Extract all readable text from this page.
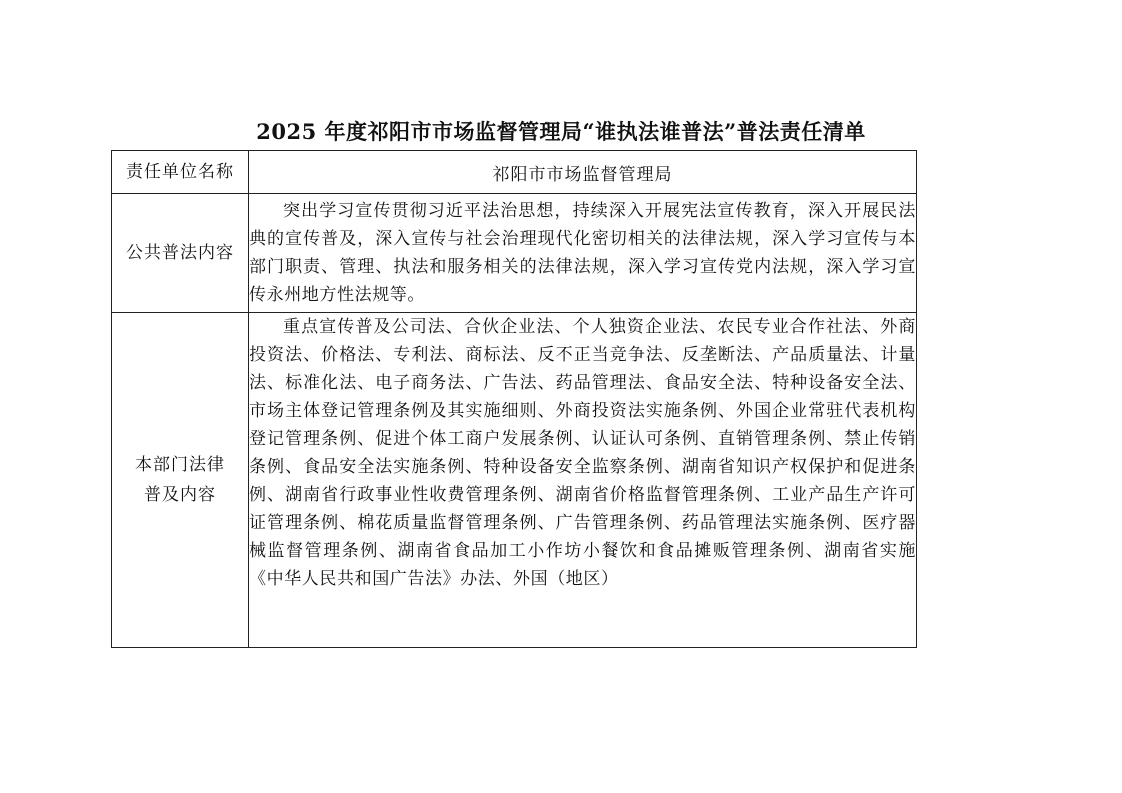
2025 年度祁阳市市场监督管理局“谁执法谁普法”普法责任清单
责任单位名称	祁阳市市场监督管理局
公共普法内容	突出学习宣传贯彻习近平法治思想，持续深入开展宪法宣传教育，深入开展民法典的宣传普及，深入宣传与社会治理现代化密切相关的法律法规，深入学习宣传与本部门职责、管理、执法和服务相关的法律法规，深入学习宣传党内法规，深入学习宣传永州地方性法规等。

本部门法律
普及内容	重点宣传普及公司法、合伙企业法、个人独资企业法、农民专业合作社法、外商投资法、价格法、专利法、商标法、反不正当竞争法、反垄断法、产品质量法、计量法、标准化法、电子商务法、广告法、药品管理法、食品安全法、特种设备安全法、市场主体登记管理条例及其实施细则、外商投资法实施条例、外国企业常驻代表机构登记管理条例、促进个体工商户发展条例、认证认可条例、直销管理条例、禁止传销条例、食品安全法实施条例、特种设备安全监察条例、湖南省知识产权保护和促进条例、湖南省行政事业性收费管理条例、湖南省价格监督管理条例、工业产品生产许可证管理条例、棉花质量监督管理条例、广告管理条例、药品管理法实施条例、医疗器械监督管理条例、湖南省食品加工小作坊小餐饮和食品摊贩管理条例、湖南省实施《中华人民共和国广告法》办法、外国（地区）
